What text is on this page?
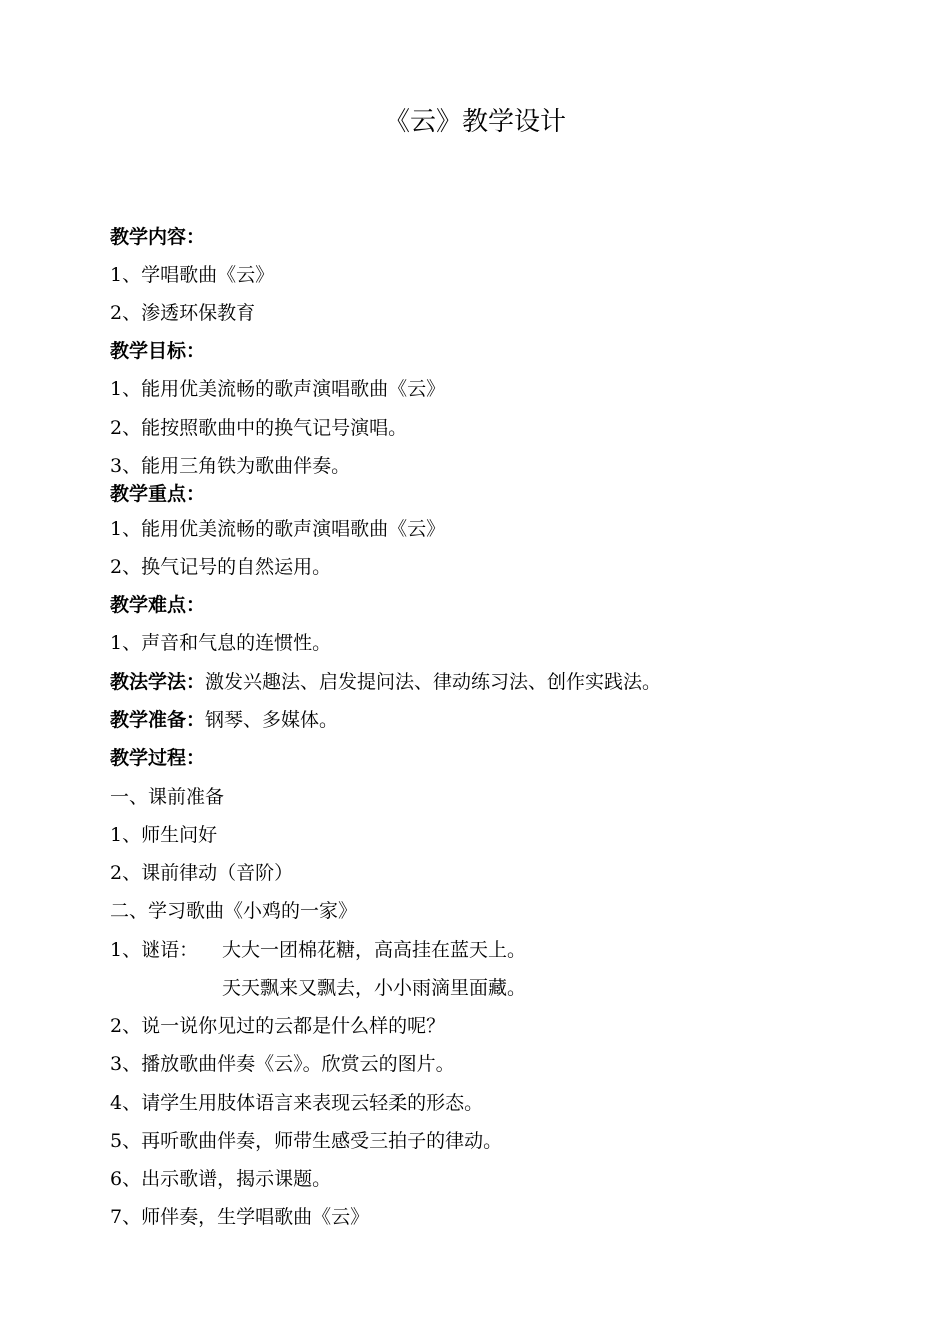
《云》教学设计
教学内容：
1、学唱歌曲《云》
2、渗透环保教育
教学目标：
1、能用优美流畅的歌声演唱歌曲《云》
2、能按照歌曲中的换气记号演唱。
3、能用三角铁为歌曲伴奏。
教学重点：
1、能用优美流畅的歌声演唱歌曲《云》
2、换气记号的自然运用。
教学难点：
1、声音和气息的连惯性。
教法学法：激发兴趣法、启发提问法、律动练习法、创作实践法。
教学准备：钢琴、多媒体。
教学过程：
一、课前准备
1、师生问好
2、课前律动（音阶）
二、学习歌曲《小鸡的一家》
1、谜语： 大大一团棉花糖，高高挂在蓝天上。
天天飘来又飘去，小小雨滴里面藏。
2、说一说你见过的云都是什么样的呢？
3、播放歌曲伴奏《云》。欣赏云的图片。
4、请学生用肢体语言来表现云轻柔的形态。
5、再听歌曲伴奏，师带生感受三拍子的律动。
6、出示歌谱，揭示课题。
7、师伴奏，生学唱歌曲《云》
